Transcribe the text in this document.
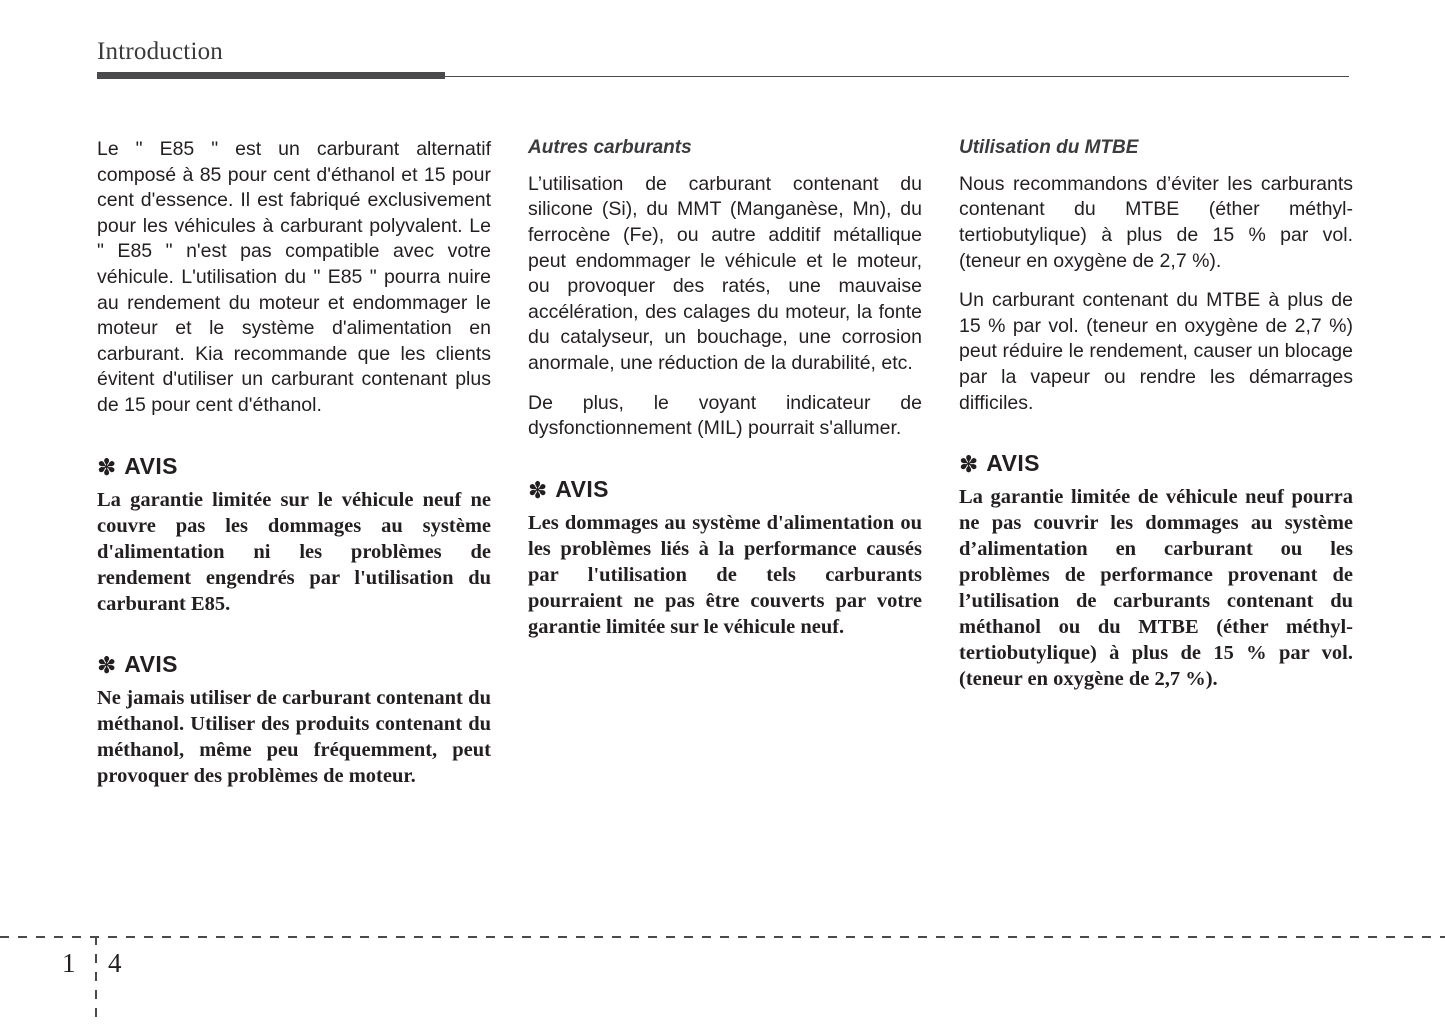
Introduction

Le " E85 " est un carburant alternatif composé à 85 pour cent d'éthanol et 15 pour cent d'essence. Il est fabriqué exclusivement pour les véhicules à carburant polyvalent. Le " E85 " n'est pas compatible avec votre véhicule. L'utilisation du " E85 " pourra nuire au rendement du moteur et endommager le moteur et le système d'alimentation en carburant. Kia recommande que les clients évitent d'utiliser un carburant contenant plus de 15 pour cent d'éthanol.

✽ AVIS

La garantie limitée sur le véhicule neuf ne couvre pas les dommages au système d'alimentation ni les problèmes de rendement engendrés par l'utilisation du carburant E85.

✽ AVIS

Ne jamais utiliser de carburant contenant du méthanol. Utiliser des produits contenant du méthanol, même peu fréquemment, peut provoquer des problèmes de moteur.

Autres carburants

L’utilisation de carburant contenant du silicone (Si), du MMT (Manganèse, Mn), du ferrocène (Fe), ou autre additif métallique peut endommager le véhicule et le moteur, ou provoquer des ratés, une mauvaise accélération, des calages du moteur, la fonte du catalyseur, un bouchage, une corrosion anormale, une réduction de la durabilité, etc.

De plus, le voyant indicateur de dysfonctionnement (MIL) pourrait s'allumer.

✽ AVIS

Les dommages au système d'alimentation ou les problèmes liés à la performance causés par l'utilisation de tels carburants pourraient ne pas être couverts par votre garantie limitée sur le véhicule neuf.

Utilisation du MTBE

Nous recommandons d’éviter les carburants contenant du MTBE (éther méthyl-tertiobutylique) à plus de 15 % par vol. (teneur en oxygène de 2,7 %).

Un carburant contenant du MTBE à plus de 15 % par vol. (teneur en oxygène de 2,7 %) peut réduire le rendement, causer un blocage par la vapeur ou rendre les démarrages difficiles.

✽ AVIS

La garantie limitée de véhicule neuf pourra ne pas couvrir les dommages au système d’alimentation en carburant ou les problèmes de performance provenant de l’utilisation de carburants contenant du méthanol ou du MTBE (éther méthyl-tertiobutylique) à plus de 15 % par vol. (teneur en oxygène de 2,7 %).

1 4
